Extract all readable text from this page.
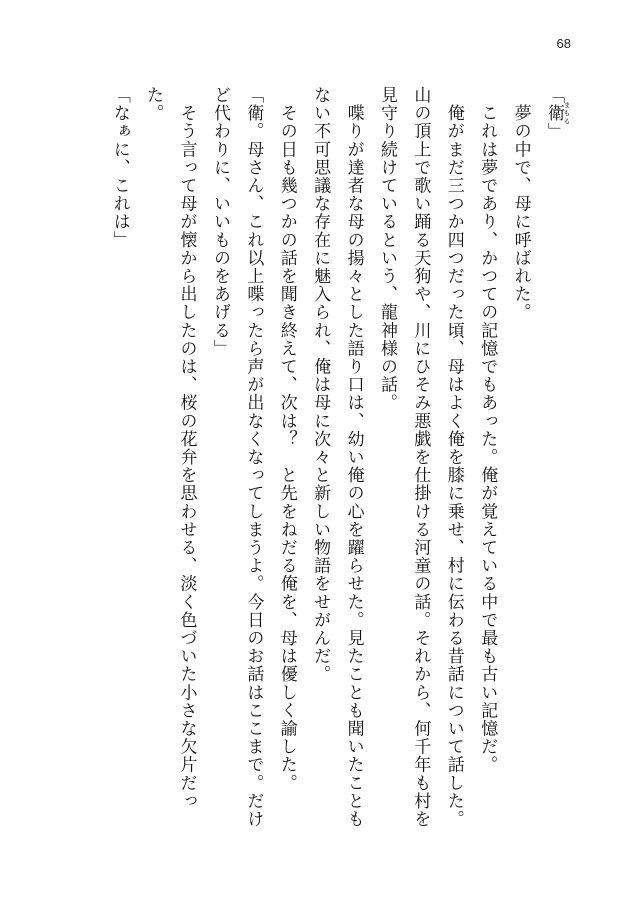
68
「衛 まもる」
　夢の中で、母に呼ばれた。
　これは夢であり、かつての記憶でもあった。俺が覚えている中で最も古い記憶だ。
　俺がまだ三つか四つだった頃、母はよく俺を膝に乗せ、村に伝わる昔話について話した。
山の頂上で歌い踊る天狗や、川にひそみ悪戯を仕掛ける河童の話。それから、何千年も村を
見守り続けているという、龍神様の話。
　喋りが達者な母の揚々とした語り口は、幼い俺の心を躍らせた。見たことも聞いたことも
ない不可思議な存在に魅入られ、俺は母に次々と新しい物語をせがんだ。
　その日も幾つかの話を聞き終えて、次は？　と先をねだる俺を、母は優しく諭した。
「衛。母さん、これ以上喋ったら声が出なくなってしまうよ。今日のお話はここまで。だけ
ど代わりに、いいものをあげる」
　そう言って母が懐から出したのは、桜の花弁を思わせる、淡く色づいた小さな欠片だっ
た。
「なぁに、これは」
